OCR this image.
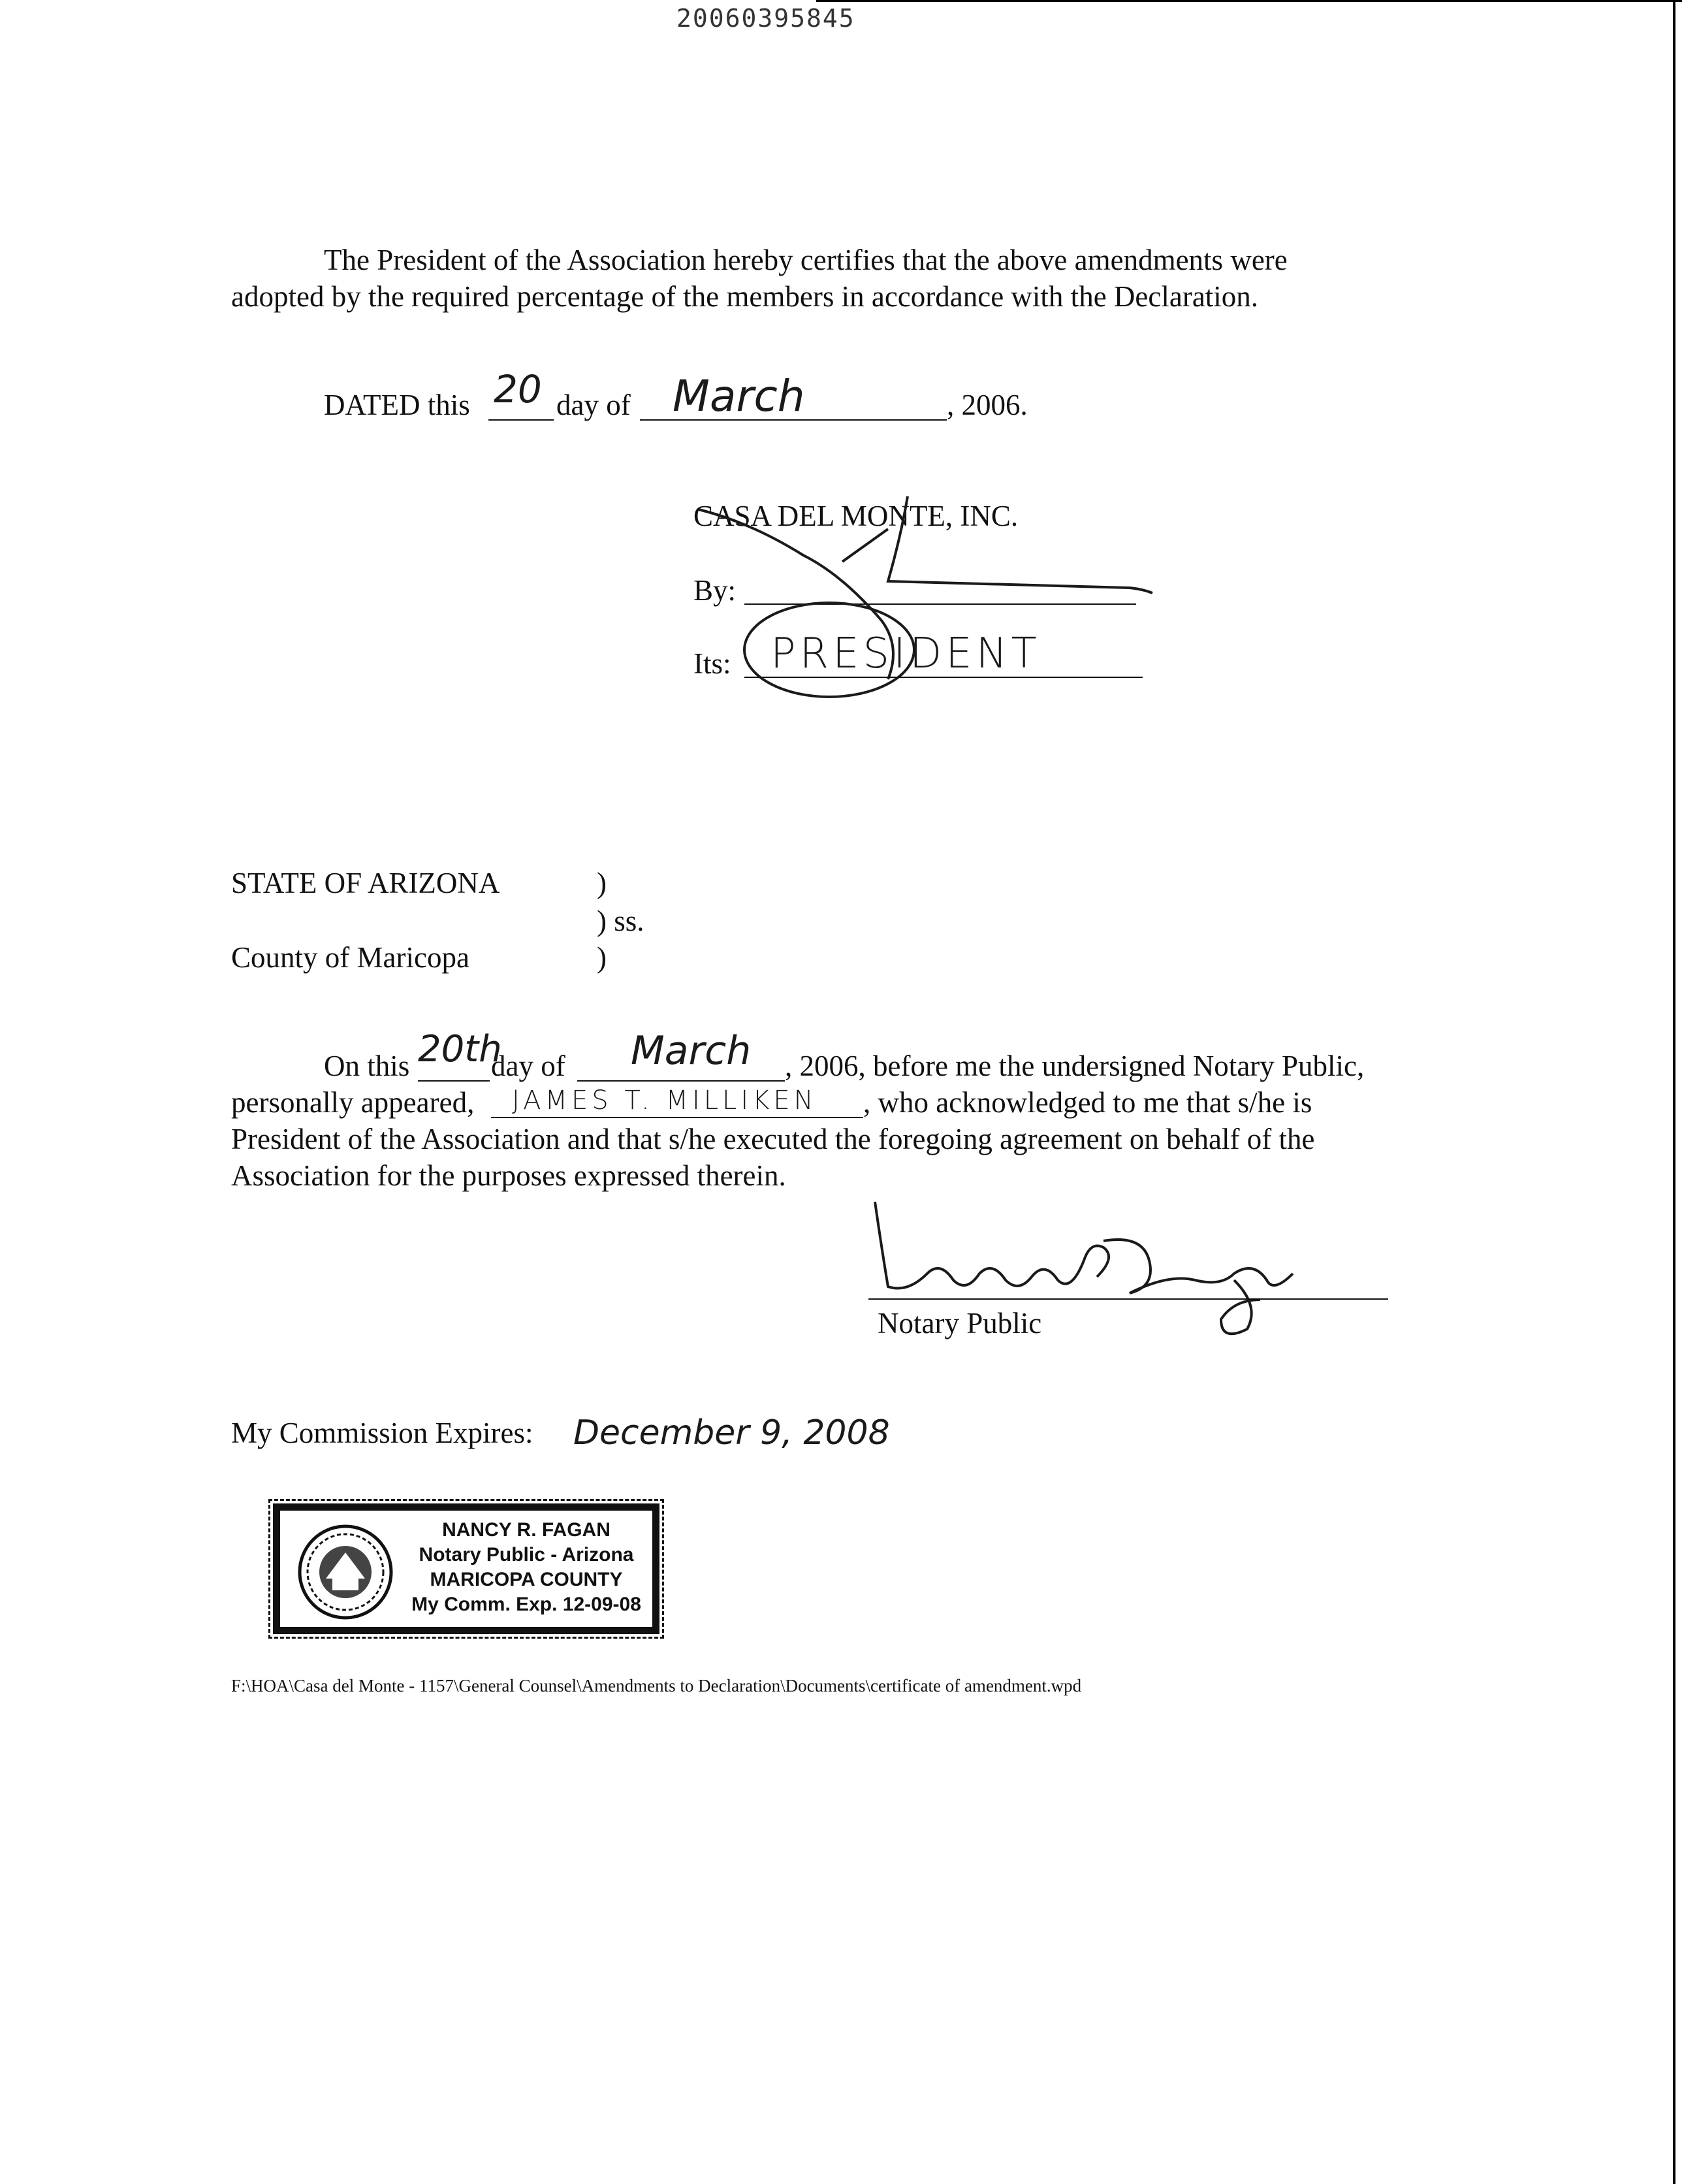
20060395845
The President of the Association hereby certifies that the above amendments were
adopted by the required percentage of the members in accordance with the Declaration.
DATED this 20 day of March	, 2006.
CASA DEL MONTE, INC.
By:
Its: PRESIDENT
STATE OF ARIZONA	)
) ss.
County of Maricopa	)
On this 20th
day of March , 2006, before me the undersigned Notary Public,
personally appeared, JAMES T. MILLIKEN , who acknowledged to me that s/he is
President of the Association and that s/he executed the foregoing agreement on behalf of the
Association for the purposes expressed therein.
Notary Public
My Commission Expires: December 9, 2008
NANCY R. FAGAN
Notary Public - Arizona
MARICOPA COUNTY
My Comm. Exp. 12-09-08
F:\HOA\Casa del Monte - 1157\General Counsel\Amendments to Declaration\Documents\certificate of amendment.wpd
